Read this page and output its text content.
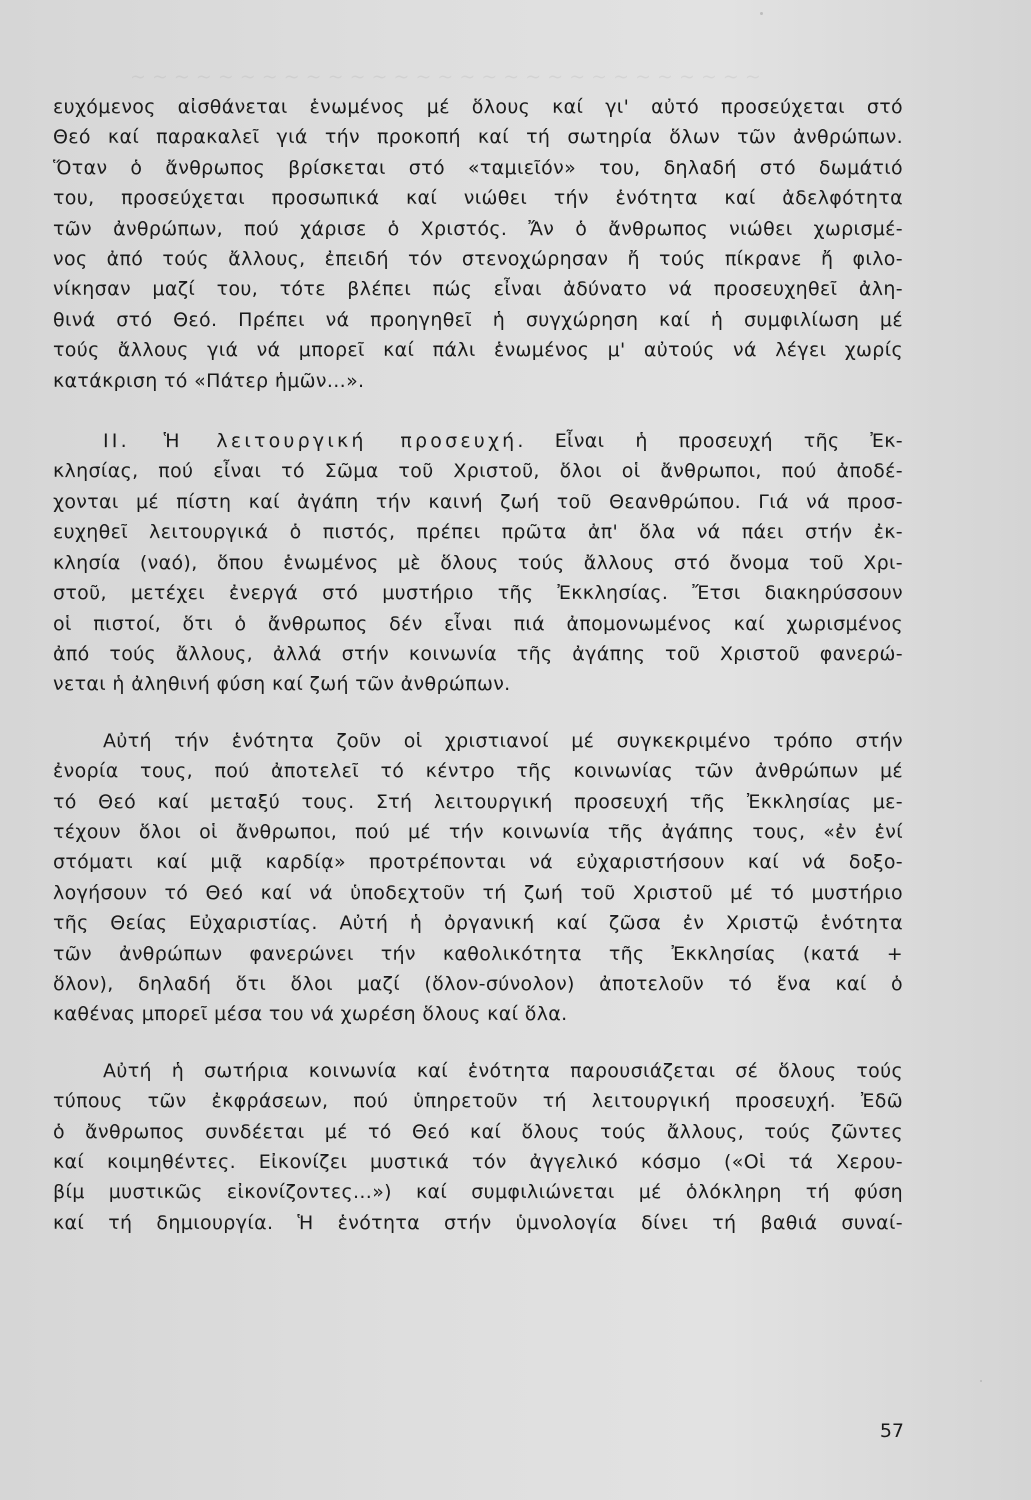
~ ~ ~ ~ ~ ~ ~ ~ ~ ~ ~ ~ ~ ~ ~ ~ ~ ~ ~ ~ ~ ~ ~ ~ ~ ~ ~ ~ ~

ευχόμενος αἰσθάνεται ἑνωμένος μέ ὅλους καί γι' αὐτό προσεύχεται στό
Θεό καί παρακαλεῖ γιά τήν προκοπή καί τή σωτηρία ὅλων τῶν ἀνθρώπων.
Ὅταν ὁ ἄνθρωπος βρίσκεται στό «ταμιεῖόν» του, δηλαδή στό δωμάτιό
του, προσεύχεται προσωπικά καί νιώθει τήν ἑνότητα καί ἀδελφότητα
τῶν ἀνθρώπων, πού χάρισε ὁ Χριστός. Ἄν ὁ ἄνθρωπος νιώθει χωρισμέ-
νος ἀπό τούς ἄλλους, ἐπειδή τόν στενοχώρησαν ἤ τούς πίκρανε ἤ φιλο-
νίκησαν μαζί του, τότε βλέπει πώς εἶναι ἀδύνατο νά προσευχηθεῖ ἀλη-
θινά στό Θεό. Πρέπει νά προηγηθεῖ ἡ συγχώρηση καί ἡ συμφιλίωση μέ
τούς ἄλλους γιά νά μπορεῖ καί πάλι ἑνωμένος μ' αὐτούς νά λέγει χωρίς
κατάκριση τό «Πάτερ ἡμῶν...».

ΙΙ. Ἡ λειτουργική προσευχή. Εἶναι ἡ προσευχή τῆς Ἐκ-
κλησίας, πού εἶναι τό Σῶμα τοῦ Χριστοῦ, ὅλοι οἱ ἄνθρωποι, πού ἀποδέ-
χονται μέ πίστη καί ἀγάπη τήν καινή ζωή τοῦ Θεανθρώπου. Γιά νά προσ-
ευχηθεῖ λειτουργικά ὁ πιστός, πρέπει πρῶτα ἀπ' ὅλα νά πάει στήν ἐκ-
κλησία (ναό), ὅπου ἑνωμένος μὲ ὅλους τούς ἄλλους στό ὄνομα τοῦ Χρι-
στοῦ, μετέχει ἐνεργά στό μυστήριο τῆς Ἐκκλησίας. Ἔτσι διακηρύσσουν
οἱ πιστοί, ὅτι ὁ ἄνθρωπος δέν εἶναι πιά ἀπομονωμένος καί χωρισμένος
ἀπό τούς ἄλλους, ἀλλά στήν κοινωνία τῆς ἀγάπης τοῦ Χριστοῦ φανερώ-
νεται ἡ ἀληθινή φύση καί ζωή τῶν ἀνθρώπων.

Αὐτή τήν ἑνότητα ζοῦν οἱ χριστιανοί μέ συγκεκριμένο τρόπο στήν
ἐνορία τους, πού ἀποτελεῖ τό κέντρο τῆς κοινωνίας τῶν ἀνθρώπων μέ
τό Θεό καί μεταξύ τους. Στή λειτουργική προσευχή τῆς Ἐκκλησίας με-
τέχουν ὅλοι οἱ ἄνθρωποι, πού μέ τήν κοινωνία τῆς ἀγάπης τους, «ἐν ἑνί
στόματι καί μιᾷ καρδίᾳ» προτρέπονται νά εὐχαριστήσουν καί νά δοξο-
λογήσουν τό Θεό καί νά ὑποδεχτοῦν τή ζωή τοῦ Χριστοῦ μέ τό μυστήριο
τῆς Θείας Εὐχαριστίας. Αὐτή ἡ ὀργανική καί ζῶσα ἐν Χριστῷ ἑνότητα
τῶν ἀνθρώπων φανερώνει τήν καθολικότητα τῆς Ἐκκλησίας (κατά +
ὅλον), δηλαδή ὅτι ὅλοι μαζί (ὅλον-σύνολον) ἀποτελοῦν τό ἕνα καί ὁ
καθένας μπορεῖ μέσα του νά χωρέση ὅλους καί ὅλα.

Αὐτή ἡ σωτήρια κοινωνία καί ἑνότητα παρουσιάζεται σέ ὅλους τούς
τύπους τῶν ἐκφράσεων, πού ὑπηρετοῦν τή λειτουργική προσευχή. Ἐδῶ
ὁ ἄνθρωπος συνδέεται μέ τό Θεό καί ὅλους τούς ἄλλους, τούς ζῶντες
καί κοιμηθέντες. Εἰκονίζει μυστικά τόν ἀγγελικό κόσμο («Οἱ τά Χερου-
βίμ μυστικῶς εἰκονίζοντες...») καί συμφιλιώνεται μέ ὁλόκληρη τή φύση
καί τή δημιουργία. Ἡ ἑνότητα στήν ὑμνολογία δίνει τή βαθιά συναί-

57
